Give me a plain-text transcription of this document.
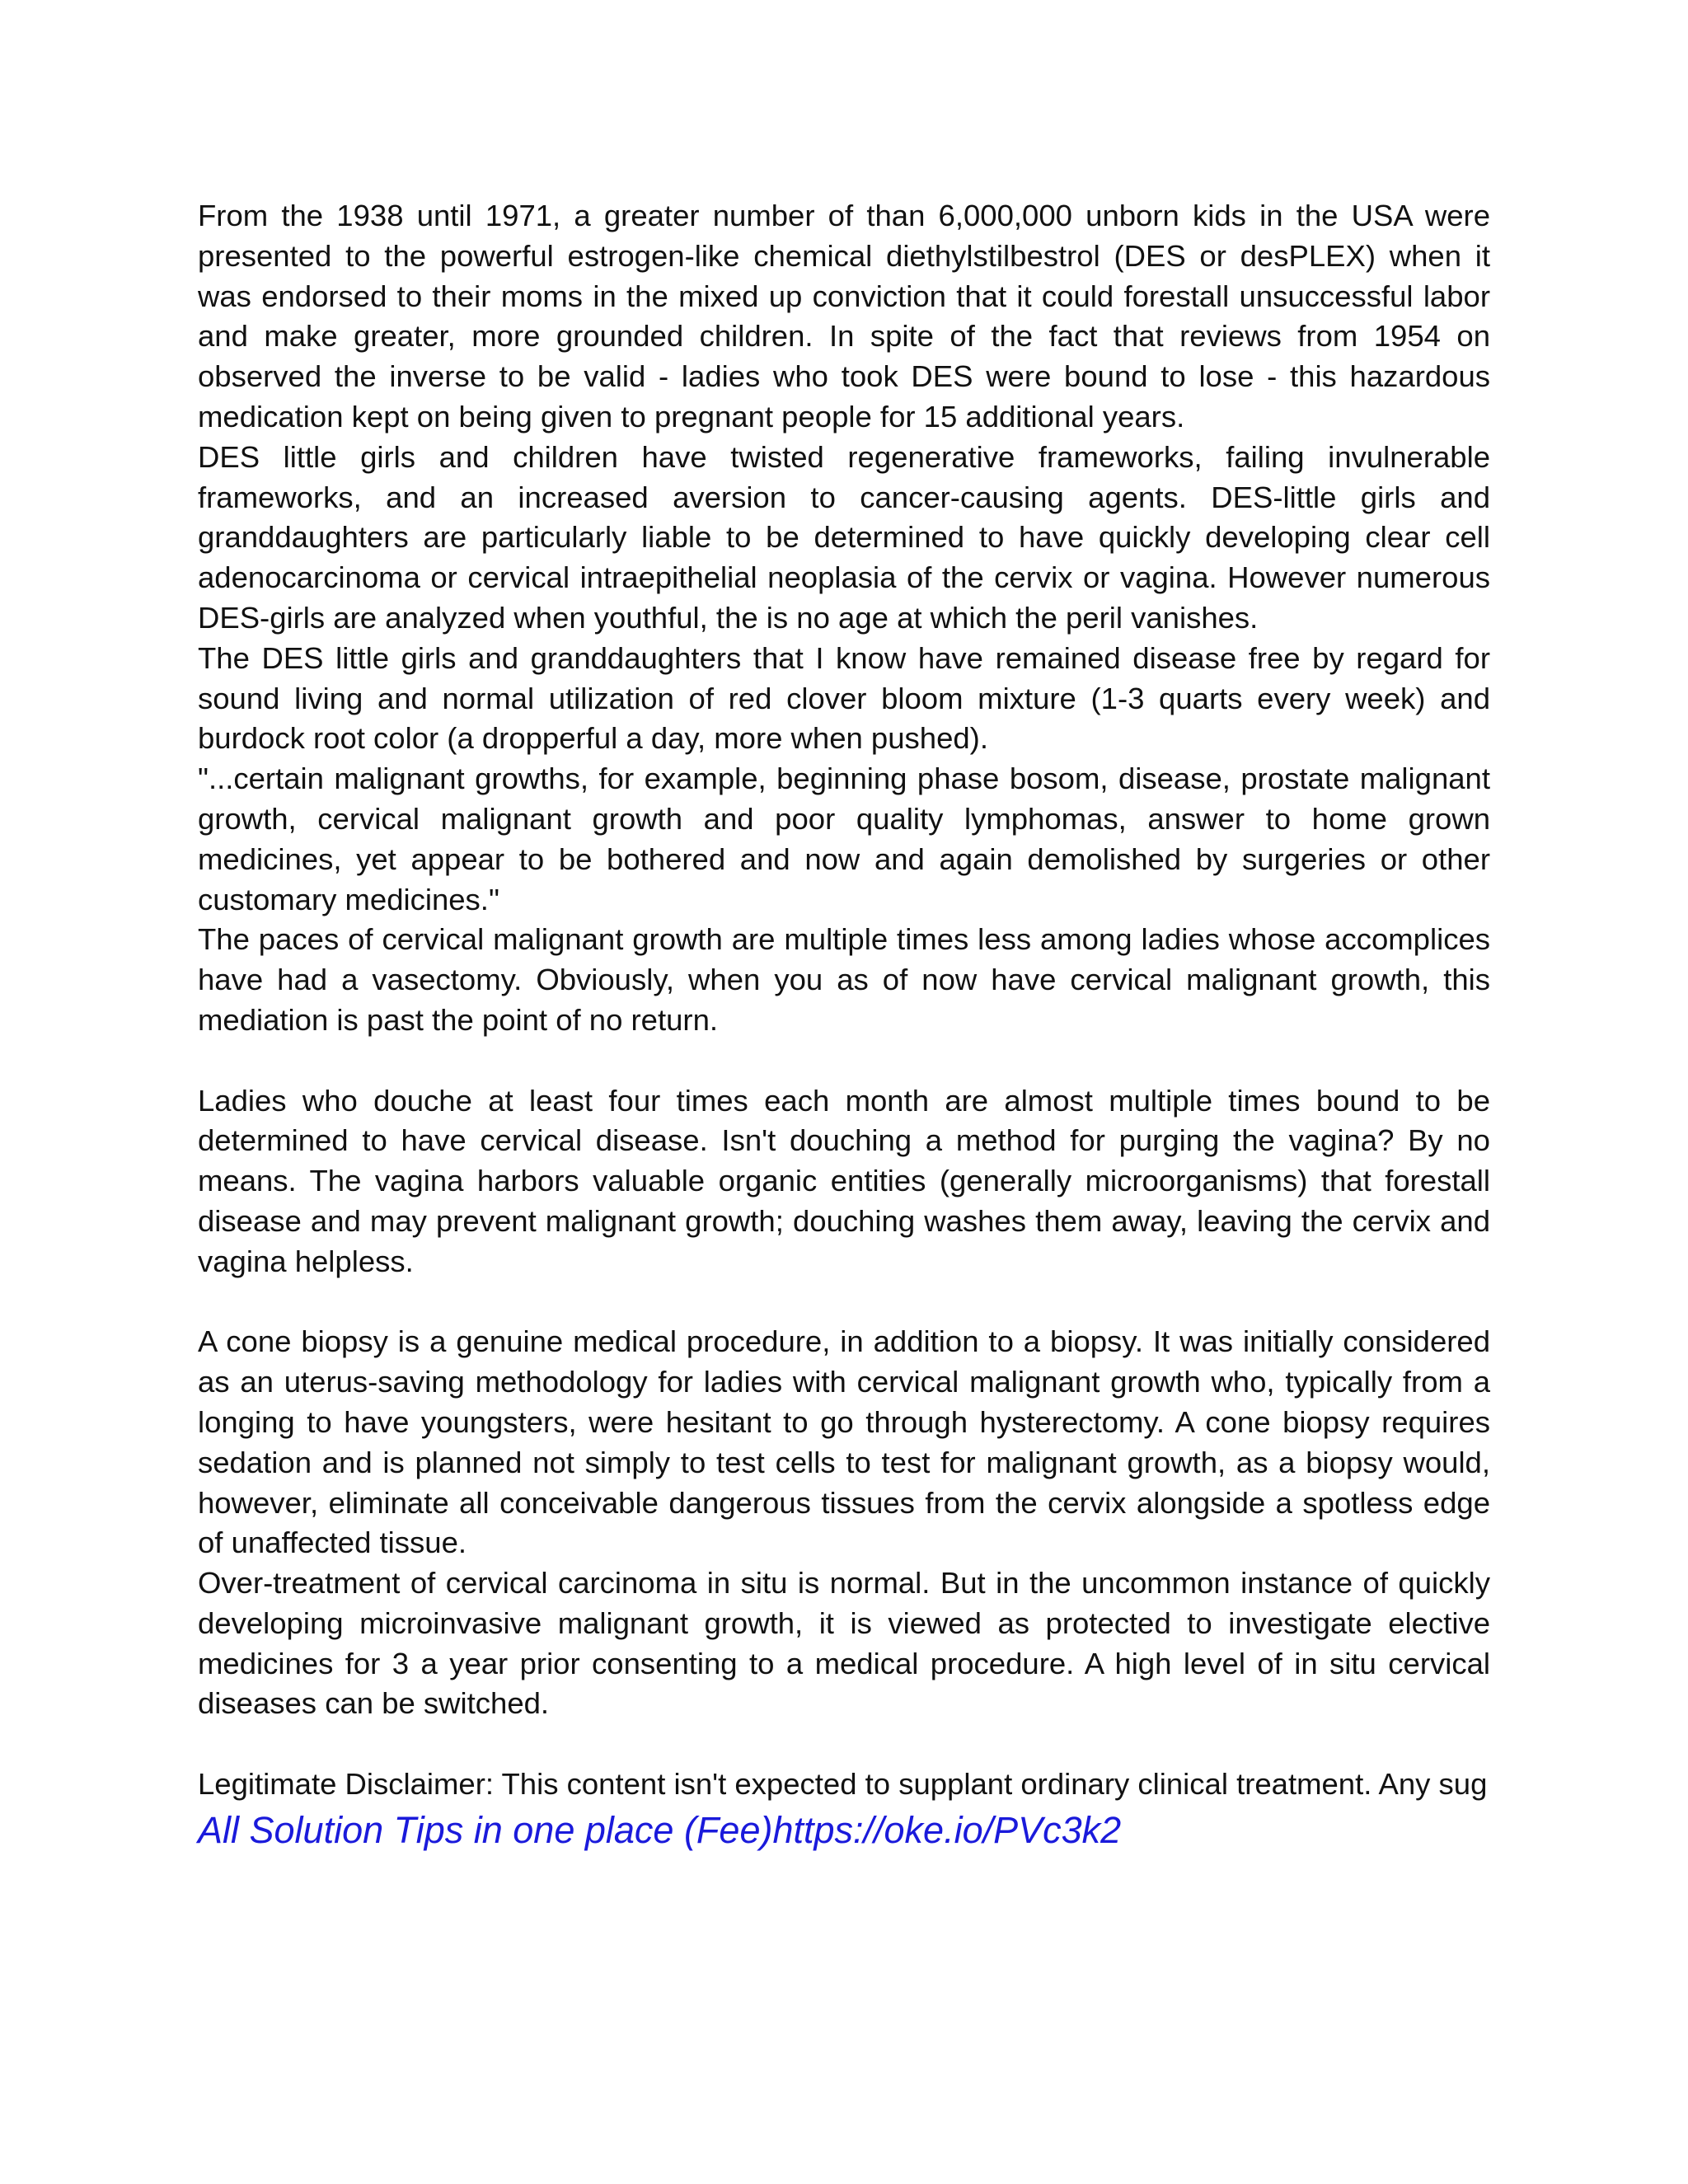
From the 1938 until 1971, a greater number of than 6,000,000 unborn kids in the USA were presented to the powerful estrogen-like chemical diethylstilbestrol (DES or desPLEX) when it was endorsed to their moms in the mixed up conviction that it could forestall unsuccessful labor and make greater, more grounded children. In spite of the fact that reviews from 1954 on observed the inverse to be valid - ladies who took DES were bound to lose - this hazardous medication kept on being given to pregnant people for 15 additional years.

DES little girls and children have twisted regenerative frameworks, failing invulnerable frameworks, and an increased aversion to cancer-causing agents. DES-little girls and granddaughters are particularly liable to be determined to have quickly developing clear cell adenocarcinoma or cervical intraepithelial neoplasia of the cervix or vagina. However numerous DES-girls are analyzed when youthful, the is no age at which the peril vanishes.

The DES little girls and granddaughters that I know have remained disease free by regard for sound living and normal utilization of red clover bloom mixture (1-3 quarts every week) and burdock root color (a dropperful a day, more when pushed).

"...certain malignant growths, for example, beginning phase bosom, disease, prostate malignant growth, cervical malignant growth and poor quality lymphomas, answer to home grown medicines, yet appear to be bothered and now and again demolished by surgeries or other customary medicines."

The paces of cervical malignant growth are multiple times less among ladies whose accomplices have had a vasectomy. Obviously, when you as of now have cervical malignant growth, this mediation is past the point of no return.

Ladies who douche at least four times each month are almost multiple times bound to be determined to have cervical disease. Isn't douching a method for purging the vagina? By no means. The vagina harbors valuable organic entities (generally microorganisms) that forestall disease and may prevent malignant growth; douching washes them away, leaving the cervix and vagina helpless.

A cone biopsy is a genuine medical procedure, in addition to a biopsy. It was initially considered as an uterus-saving methodology for ladies with cervical malignant growth who, typically from a longing to have youngsters, were hesitant to go through hysterectomy. A cone biopsy requires sedation and is planned not simply to test cells to test for malignant growth, as a biopsy would, however, eliminate all conceivable dangerous tissues from the cervix alongside a spotless edge of unaffected tissue.

Over-treatment of cervical carcinoma in situ is normal. But in the uncommon instance of quickly developing microinvasive malignant growth, it is viewed as protected to investigate elective medicines for 3 a year prior consenting to a medical procedure. A high level of in situ cervical diseases can be switched.

Legitimate Disclaimer: This content isn't expected to supplant ordinary clinical treatment. Any sug

All Solution Tips in one place (Fee)https://oke.io/PVc3k2
